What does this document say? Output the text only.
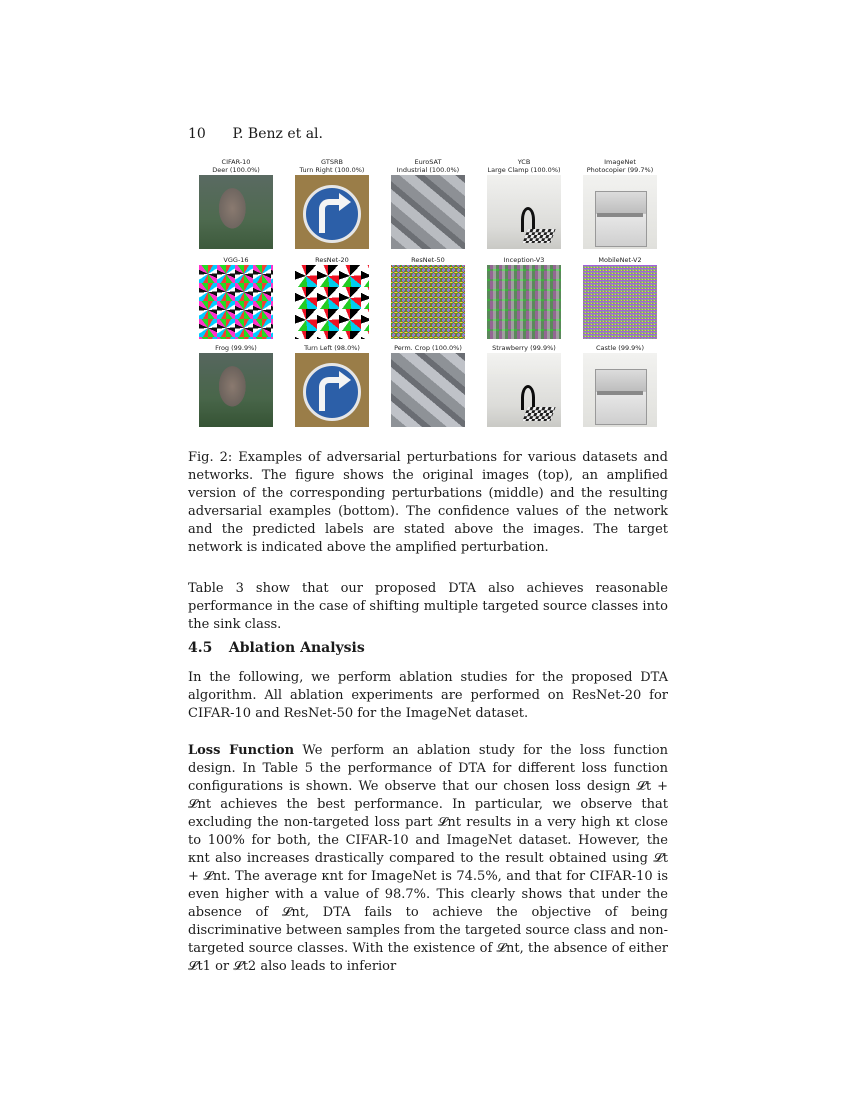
10 P. Benz et al.
CIFAR-10
Deer (100.0%)
GTSRB
Turn Right (100.0%)
EuroSAT
Industrial (100.0%)
YCB
Large Clamp (100.0%)
ImageNet
Photocopier (99.7%)
VGG-16	ResNet-20	ResNet-50	Inception-V3	MobileNet-V2
Frog (99.9%)	Turn Left (98.0%)	Perm. Crop (100.0%)	Strawberry (99.9%)	Castle (99.9%)
Fig. 2: Examples of adversarial perturbations for various datasets and networks. The figure shows the original images (top), an amplified version of the corresponding perturbations (middle) and the resulting adversarial examples (bottom). The confidence values of the network and the predicted labels are stated above the images. The target network is indicated above the amplified perturbation.
Table 3 show that our proposed DTA also achieves reasonable performance in the case of shifting multiple targeted source classes into the sink class.
4.5 Ablation Analysis
In the following, we perform ablation studies for the proposed DTA algorithm. All ablation experiments are performed on ResNet-20 for CIFAR-10 and ResNet-50 for the ImageNet dataset.
Loss Function We perform an ablation study for the loss function design. In Table 5 the performance of DTA for different loss function configurations is shown. We observe that our chosen loss design 𝓛t + 𝓛nt achieves the best performance. In particular, we observe that excluding the non-targeted loss part 𝓛nt results in a very high κt close to 100% for both, the CIFAR-10 and ImageNet dataset. However, the κnt also increases drastically compared to the result obtained using 𝓛t + 𝓛nt. The average κnt for ImageNet is 74.5%, and that for CIFAR-10 is even higher with a value of 98.7%. This clearly shows that under the absence of 𝓛nt, DTA fails to achieve the objective of being discriminative between samples from the targeted source class and non-targeted source classes. With the existence of 𝓛nt, the absence of either 𝓛t1 or 𝓛t2 also leads to inferior
